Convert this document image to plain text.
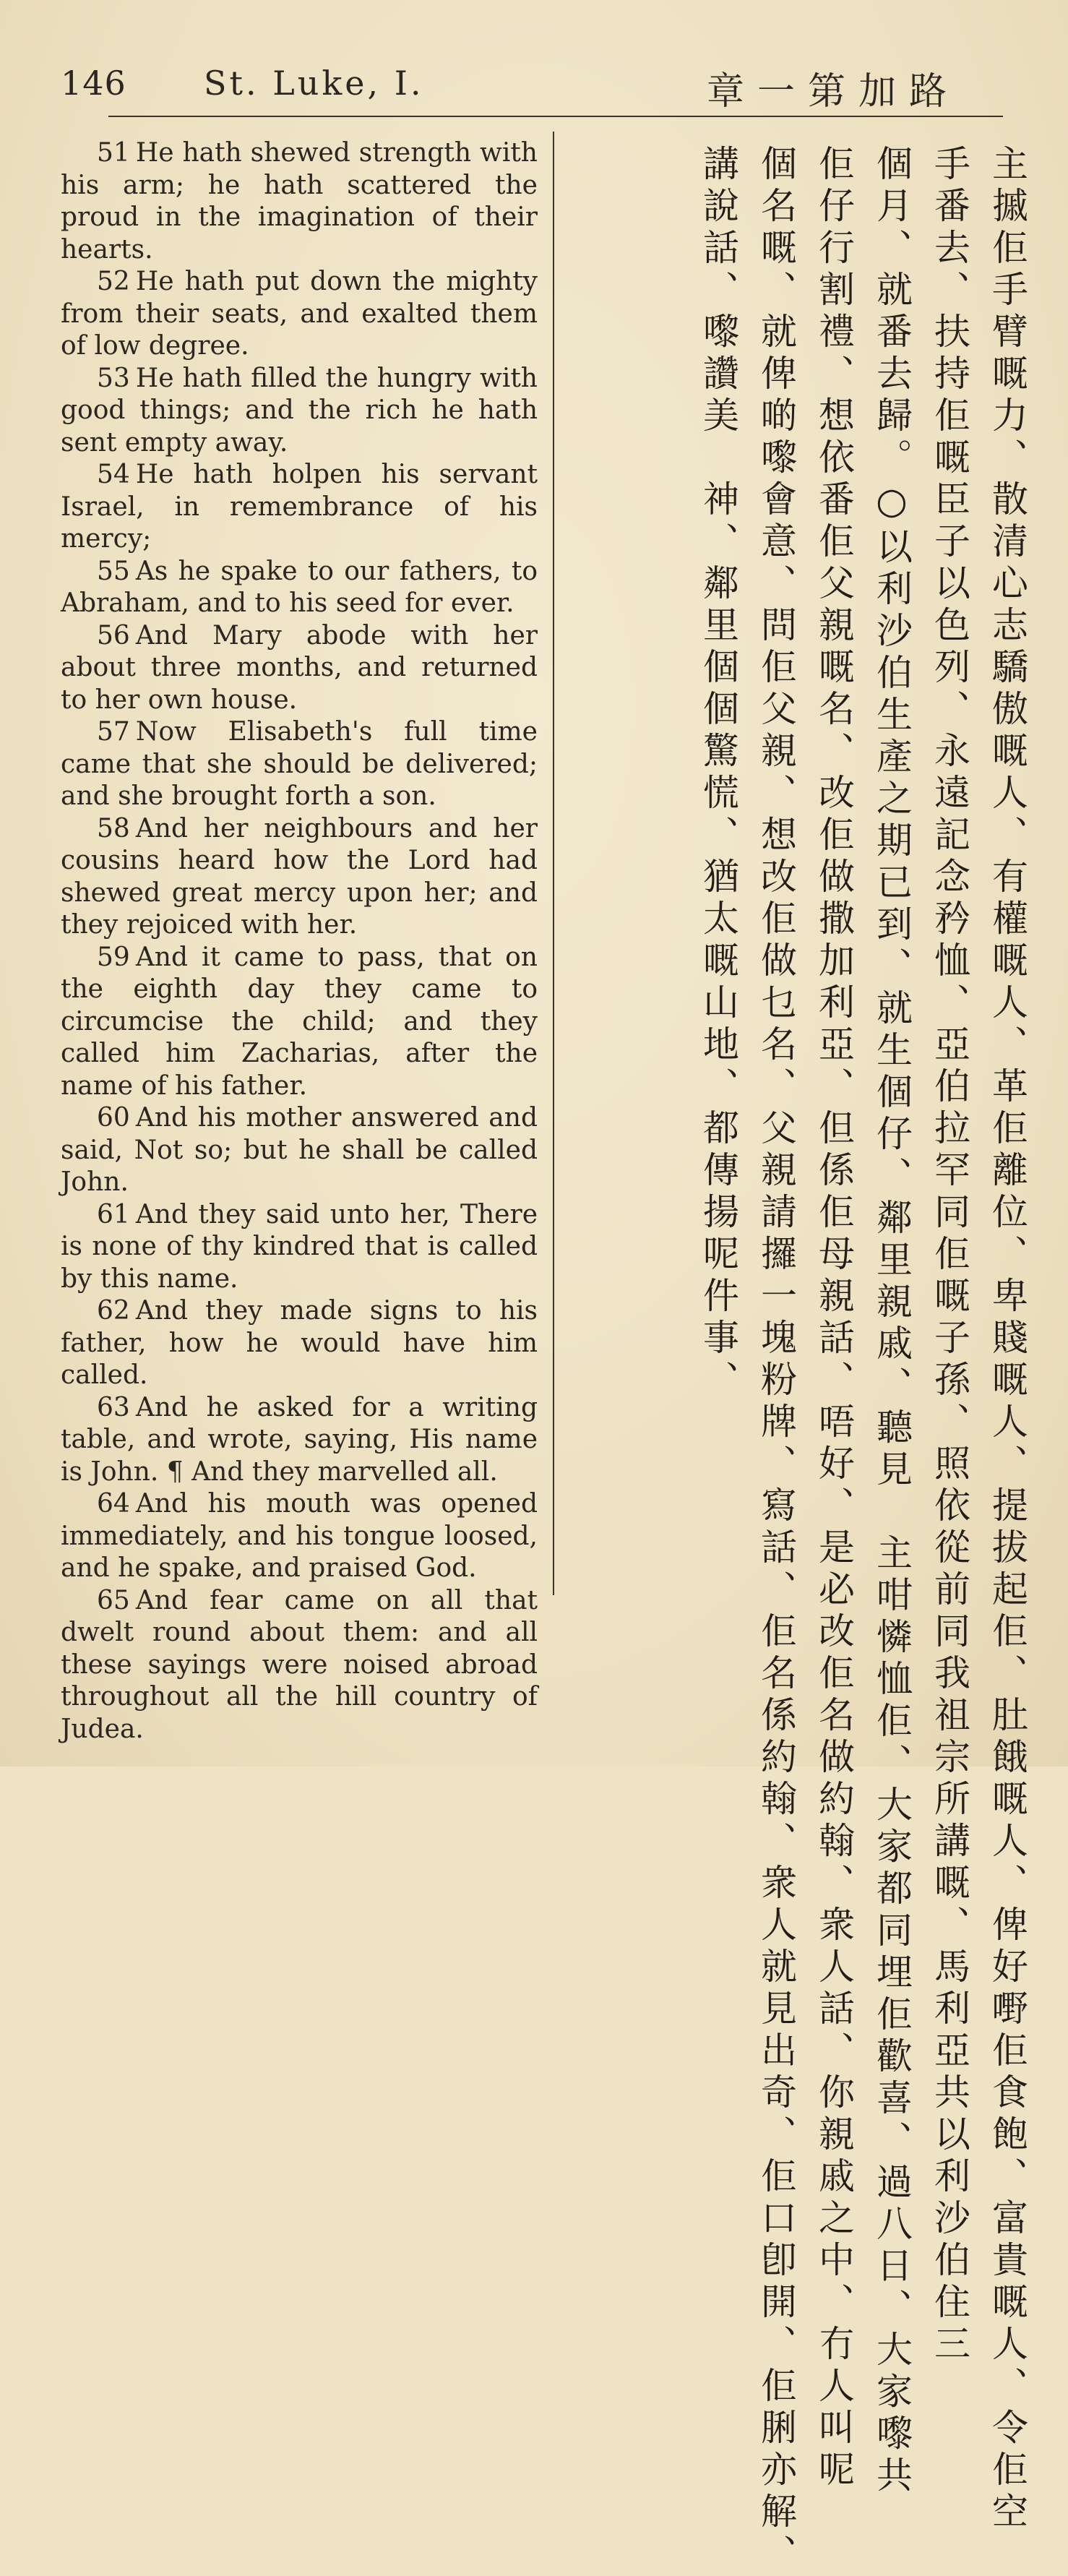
146 St. Luke, I.	章一第加路

51 He hath shewed strength with his arm; he hath scattered the proud in the imagination of their hearts.

52 He hath put down the mighty from their seats, and exalted them of low degree.

53 He hath filled the hungry with good things; and the rich he hath sent empty away.

54 He hath holpen his servant Israel, in remembrance of his mercy;

55 As he spake to our fathers, to Abraham, and to his seed for ever.

56 And Mary abode with her about three months, and returned to her own house.

57 Now Elisabeth's full time came that she should be delivered; and she brought forth a son.

58 And her neighbours and her cousins heard how the Lord had shewed great mercy upon her; and they rejoiced with her.

59 And it came to pass, that on the eighth day they came to circumcise the child; and they called him Zacharias, after the name of his father.

60 And his mother answered and said, Not so; but he shall be called John.

61 And they said unto her, There is none of thy kindred that is called by this name.

62 And they made signs to his father, how he would have him called.

63 And he asked for a writing table, and wrote, saying, His name is John. ¶ And they marvelled all.

64 And his mouth was opened immediately, and his tongue loosed, and he spake, and praised God.

65 And fear came on all that dwelt round about them: and all these sayings were noised abroad throughout all the hill country of Judea.	主摵佢手臂嘅力、散清心志驕傲嘅人、有權嘅人、革佢離位、卑賤嘅人、提拔起佢、肚餓嘅人、俾好嘢佢食飽、富貴嘅人、令佢空
手番去、扶持佢嘅臣子以色列、永遠記念矜恤、亞伯拉罕同佢嘅子孫、照依從前同我祖宗所講嘅、馬利亞共以利沙伯住三
個月、就番去歸。○以利沙伯生產之期已到、就生個仔、鄰里親戚、聽見　主咁憐恤佢、大家都同埋佢歡喜、過八日、大家嚟共
佢仔行割禮、想依番佢父親嘅名、改佢做撒加利亞、但係佢母親話、唔好、是必改佢名做約翰、衆人話、你親戚之中、冇人叫呢
個名嘅、就俾啲嚟會意、問佢父親、想改佢做乜名、父親請攞一塊粉牌、寫話、佢名係約翰、衆人就見出奇、佢口卽開、佢脷亦解、
講說話、嚟讚美　神、鄰里個個驚慌、猶太嘅山地、都傳揚呢件事、
